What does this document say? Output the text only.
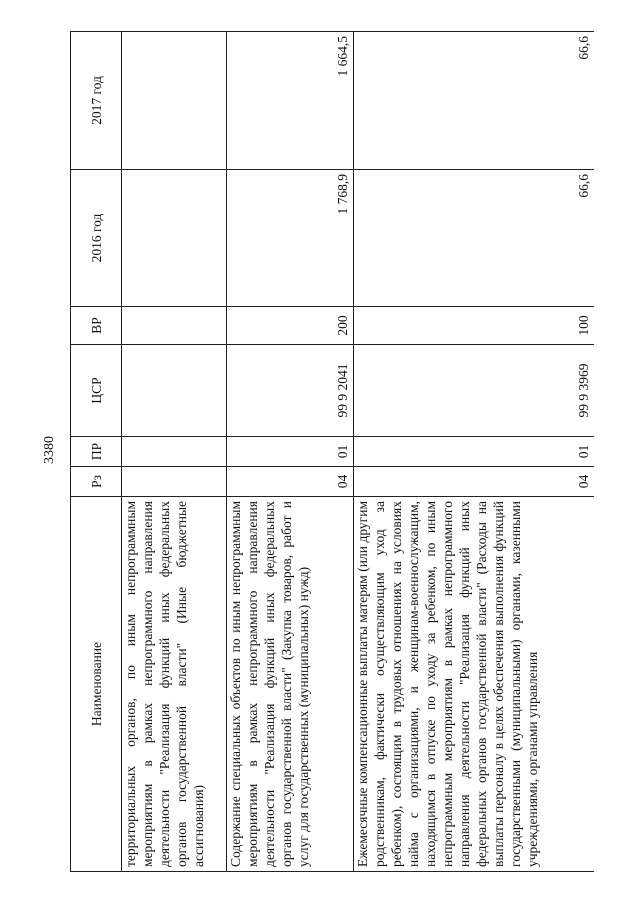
3380
Наименование	Рз	ПР	ЦСР	ВР	2016 год	2017 год
территориальных органов, по иным непрограммным мероприятиям в рамках непрограммного направления деятельности "Реализация функций иных федеральных органов государственной власти" (Иные бюджетные ассигнования)						
Содержание специальных объектов по иным непрограммным мероприятиям в рамках непрограммного направления деятельности "Реализация функций иных федеральных органов государственной власти" (Закупка товаров, работ и услуг для государственных (муниципальных) нужд)	04	01	99 9 2041	200	1 768,9	1 664,5
Ежемесячные компенсационные выплаты матерям (или другим родственникам, фактически осуществляющим уход за ребенком), состоящим в трудовых отношениях на условиях найма с организациями, и женщинам-военнослужащим, находящимся в отпуске по уходу за ребенком, по иным непрограммным мероприятиям в рамках непрограммного направления деятельности "Реализация функций иных федеральных органов государственной власти" (Расходы на выплаты персоналу в целях обеспечения выполнения функций государственными (муниципальными) органами, казенными учреждениями, органами управления	04	01	99 9 3969	100	66,6	66,6
